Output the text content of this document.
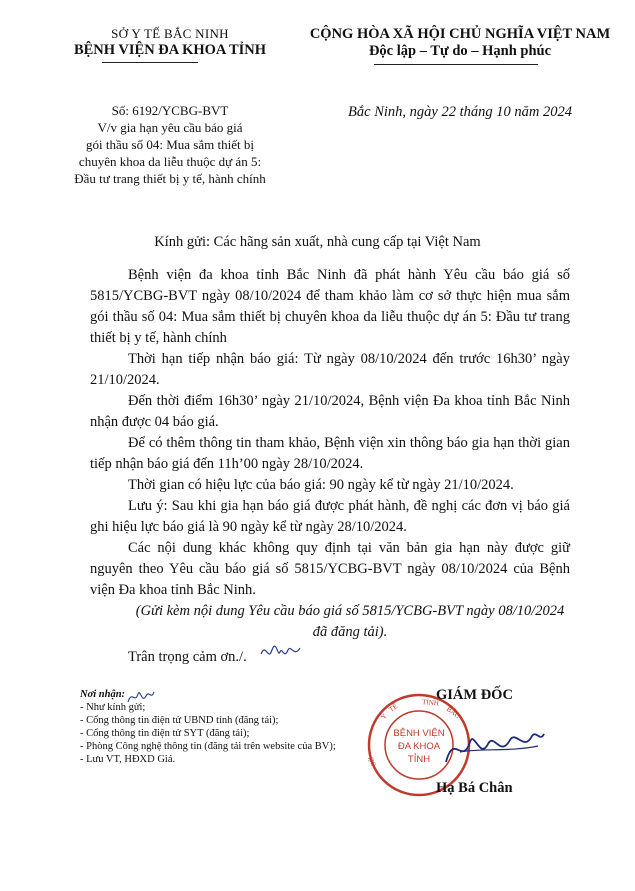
SỞ Y TẾ BẮC NINH
BỆNH VIỆN ĐA KHOA TỈNH
CỘNG HÒA XÃ HỘI CHỦ NGHĨA VIỆT NAM
Độc lập – Tự do – Hạnh phúc
Số: 6192/YCBG-BVT
V/v gia hạn yêu cầu báo giá
gói thầu số 04: Mua sắm thiết bị
chuyên khoa da liễu thuộc dự án 5:
Đầu tư trang thiết bị y tế, hành chính
Bắc Ninh, ngày 22 tháng 10 năm 2024
Kính gửi: Các hãng sản xuất, nhà cung cấp tại Việt Nam

Bệnh viện đa khoa tỉnh Bắc Ninh đã phát hành Yêu cầu báo giá số 5815/YCBG-BVT ngày 08/10/2024 để tham khảo làm cơ sở thực hiện mua sắm gói thầu số 04: Mua sắm thiết bị chuyên khoa da liễu thuộc dự án 5: Đầu tư trang thiết bị y tế, hành chính

Thời hạn tiếp nhận báo giá: Từ ngày 08/10/2024 đến trước 16h30’ ngày 21/10/2024.

Đến thời điểm 16h30’ ngày 21/10/2024, Bệnh viện Đa khoa tỉnh Bắc Ninh nhận được 04 báo giá.

Để có thêm thông tin tham khảo, Bệnh viện xin thông báo gia hạn thời gian tiếp nhận báo giá đến 11h’00 ngày 28/10/2024.

Thời gian có hiệu lực của báo giá: 90 ngày kể từ ngày 21/10/2024.

Lưu ý: Sau khi gia hạn báo giá được phát hành, đề nghị các đơn vị báo giá ghi hiệu lực báo giá là 90 ngày kể từ ngày 28/10/2024.

Các nội dung khác không quy định tại văn bản gia hạn này được giữ nguyên theo Yêu cầu báo giá số 5815/YCBG-BVT ngày 08/10/2024 của Bệnh viện Đa khoa tỉnh Bắc Ninh.

(Gửi kèm nội dung Yêu cầu báo giá số 5815/YCBG-BVT ngày 08/10/2024 đã đăng tải).

Trân trọng cảm ơn./.

Nơi nhận:
- Như kính gửi;
- Cổng thông tin điện tử UBND tỉnh (đăng tải);
- Cổng thông tin điện tử SYT (đăng tải);
- Phòng Công nghệ thông tin (đăng tải trên website của BV);
- Lưu VT, HĐXD Giá.
BỆNH VIỆN
ĐA KHOA
TỈNH
Y
TẾ	TỈNH
BẮC
SỞ
GIÁM ĐỐC
Hạ Bá Chân
